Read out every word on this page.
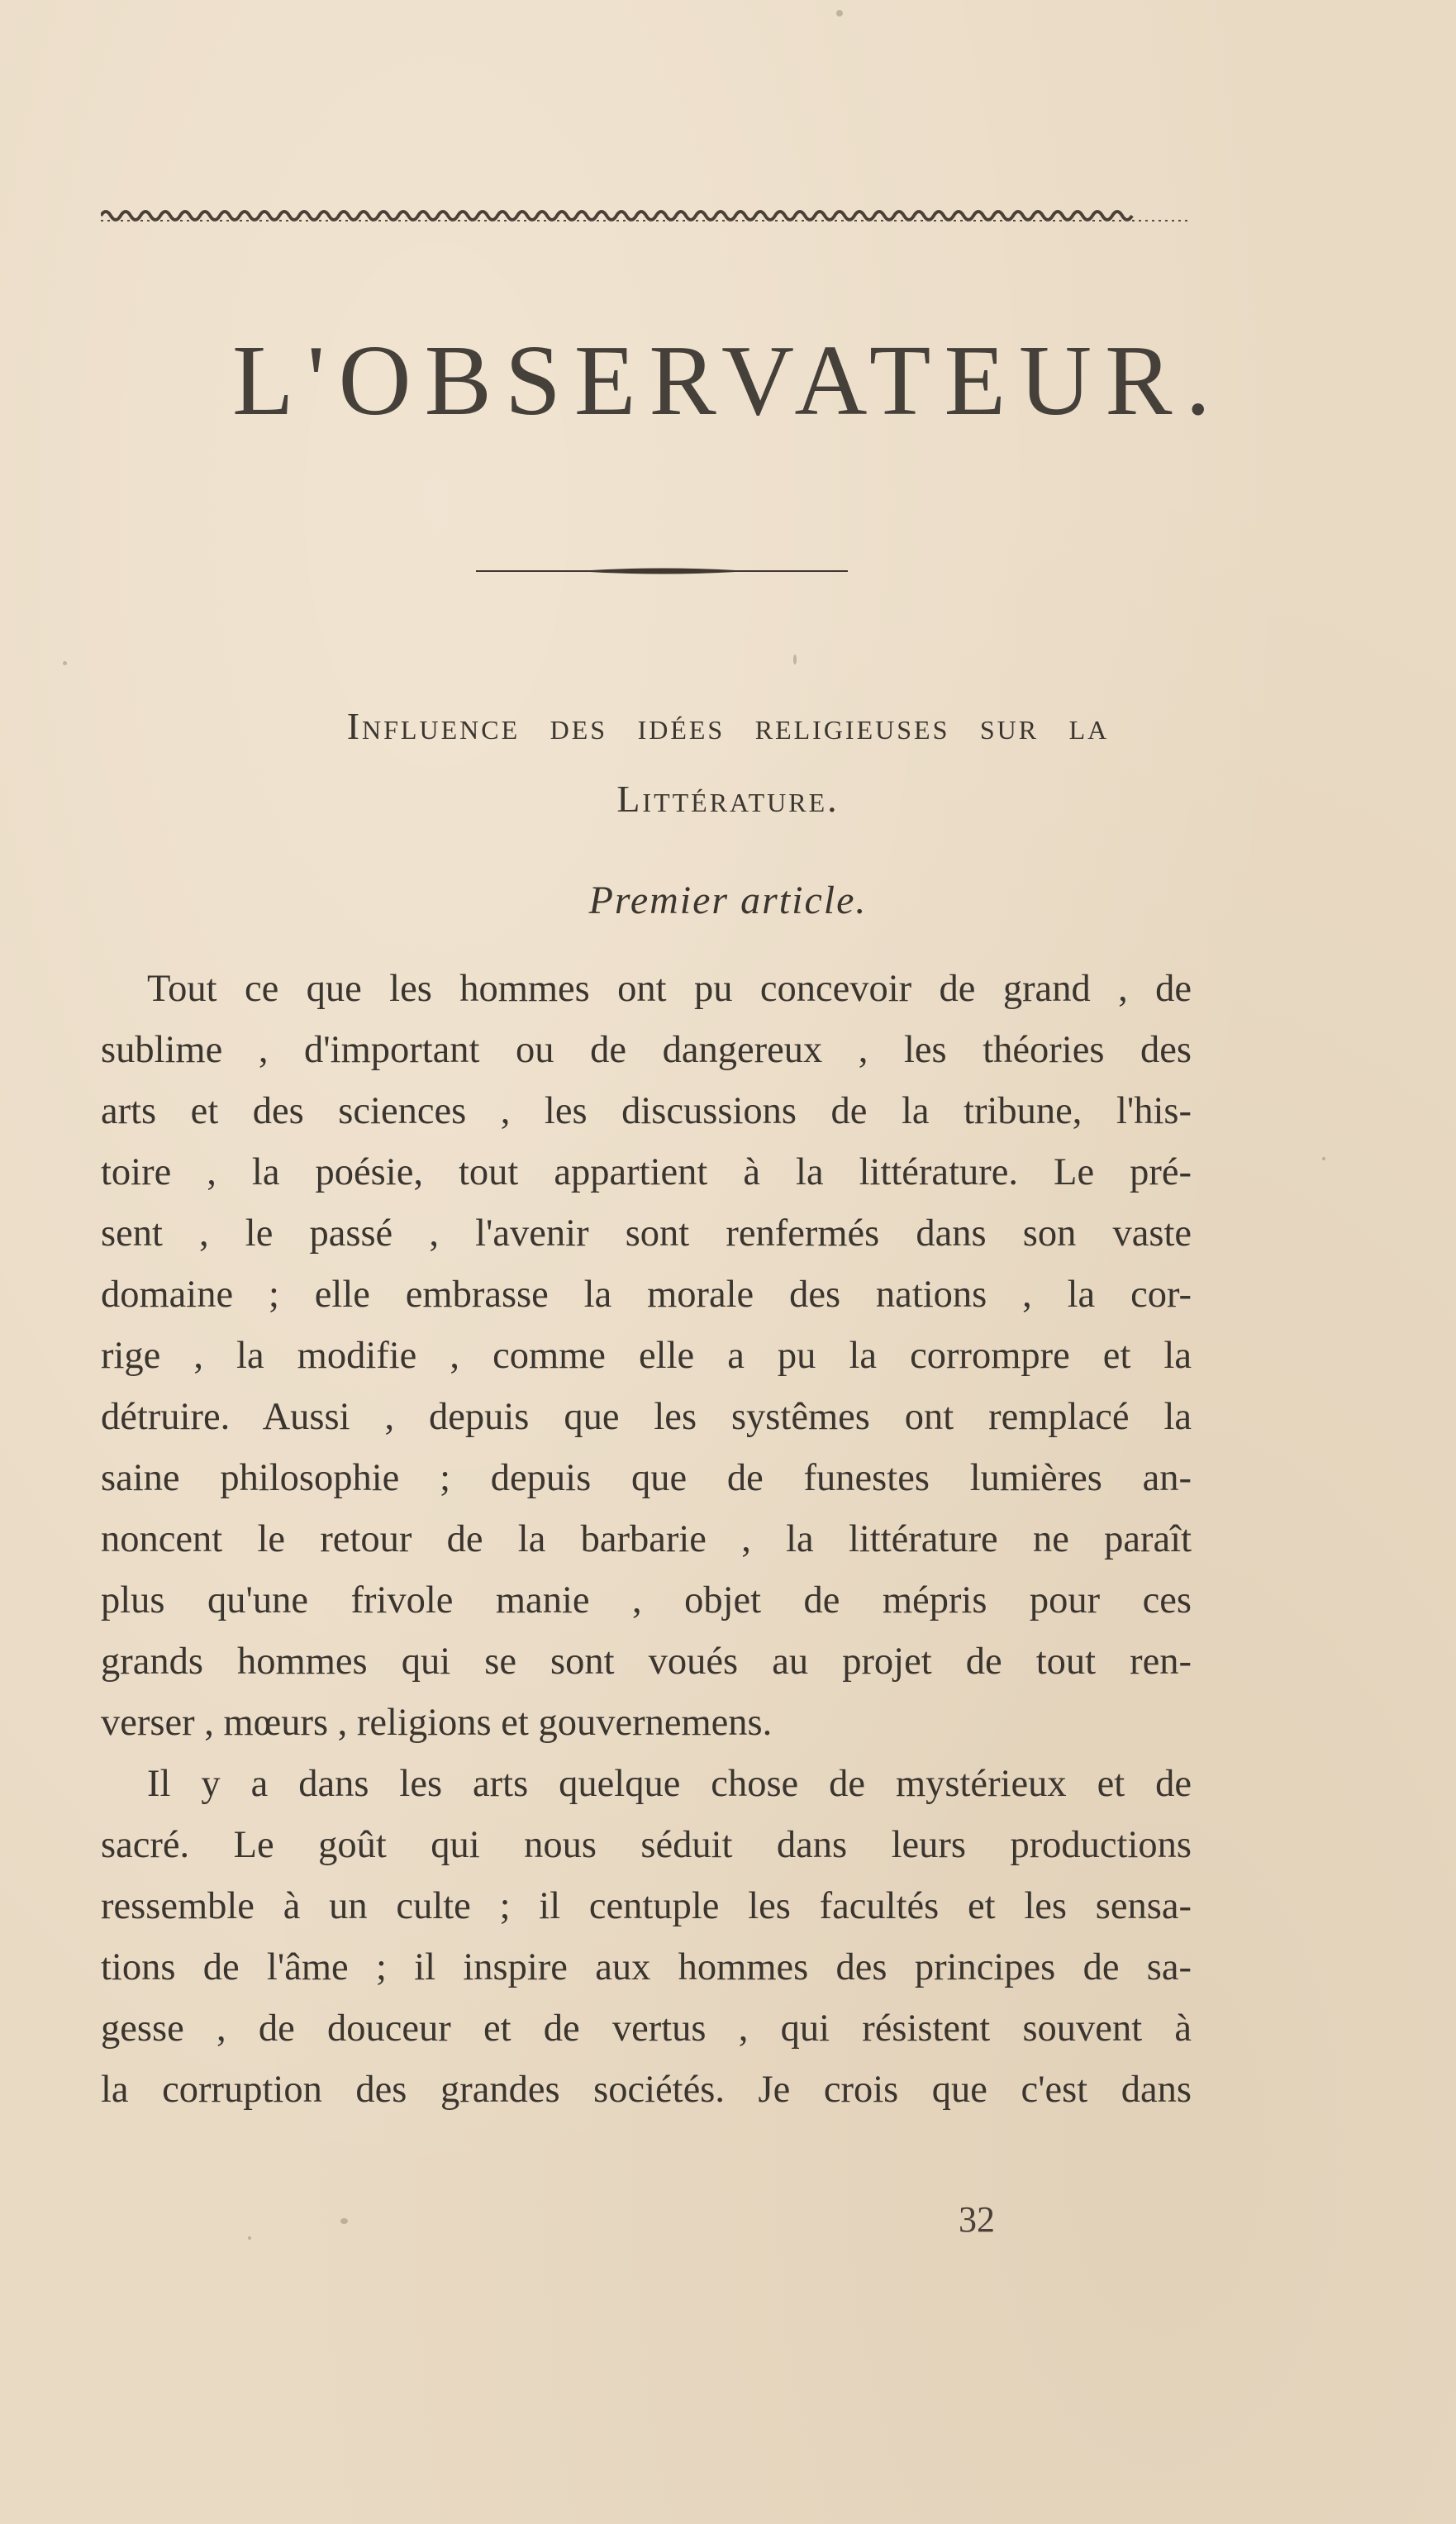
L'OBSERVATEUR.
Influence des idées religieuses sur la
Littérature.
Premier article.
Tout ce que les hommes ont pu concevoir de grand , de
sublime , d'important ou de dangereux , les théories des
arts et des sciences , les discussions de la tribune, l'his-
toire , la poésie, tout appartient à la littérature. Le pré-
sent , le passé , l'avenir sont renfermés dans son vaste
domaine ; elle embrasse la morale des nations , la cor-
rige , la modifie , comme elle a pu la corrompre et la
détruire. Aussi , depuis que les systêmes ont remplacé la
saine philosophie ; depuis que de funestes lumières an-
noncent le retour de la barbarie , la littérature ne paraît
plus qu'une frivole manie , objet de mépris pour ces
grands hommes qui se sont voués au projet de tout ren-
verser , mœurs , religions et gouvernemens.
Il y a dans les arts quelque chose de mystérieux et de
sacré. Le goût qui nous séduit dans leurs productions
ressemble à un culte ; il centuple les facultés et les sensa-
tions de l'âme ; il inspire aux hommes des principes de sa-
gesse , de douceur et de vertus , qui résistent souvent à
la corruption des grandes sociétés. Je crois que c'est dans
32
